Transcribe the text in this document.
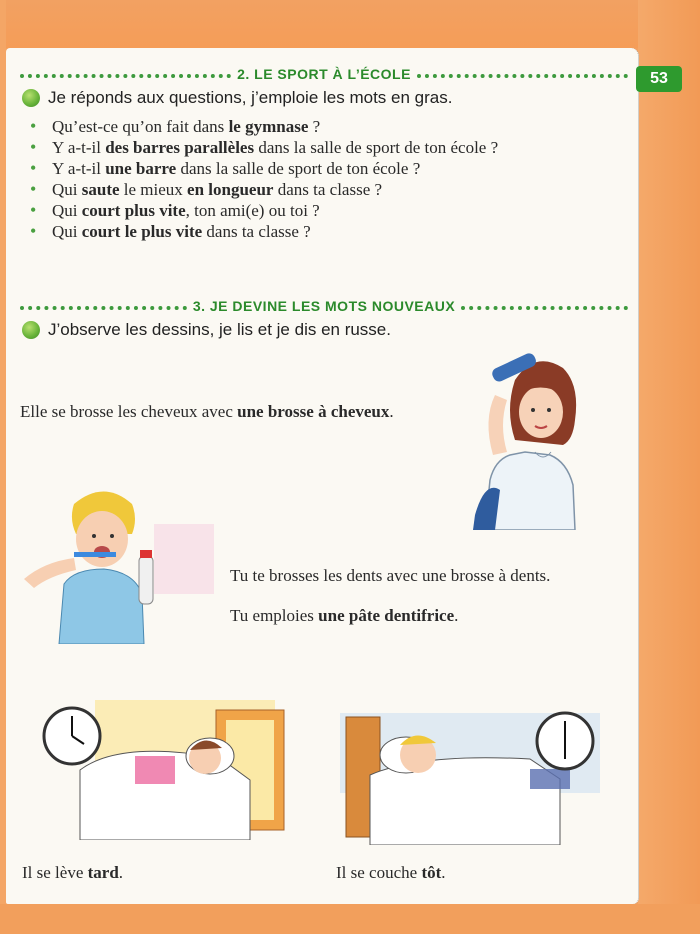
53
2. LE SPORT À L’ÉCOLE
Je réponds aux questions, j’emploie les mots en gras.
• Qu’est-ce qu’on fait dans le gymnase ?
• Y a-t-il des barres parallèles dans la salle de sport de ton école ?
• Y a-t-il une barre dans la salle de sport de ton école ?
• Qui saute le mieux en longueur dans ta classe ?
• Qui court plus vite, ton ami(e) ou toi ?
• Qui court le plus vite dans ta classe ?
3. JE DEVINE LES MOTS NOUVEAUX
J’observe les dessins, je lis et je dis en russe.
Elle se brosse les cheveux avec une brosse à cheveux.
Tu te brosses les dents avec une brosse à dents.
Tu emploies une pâte dentifrice.
Il se lève tard.	Il se couche tôt.
